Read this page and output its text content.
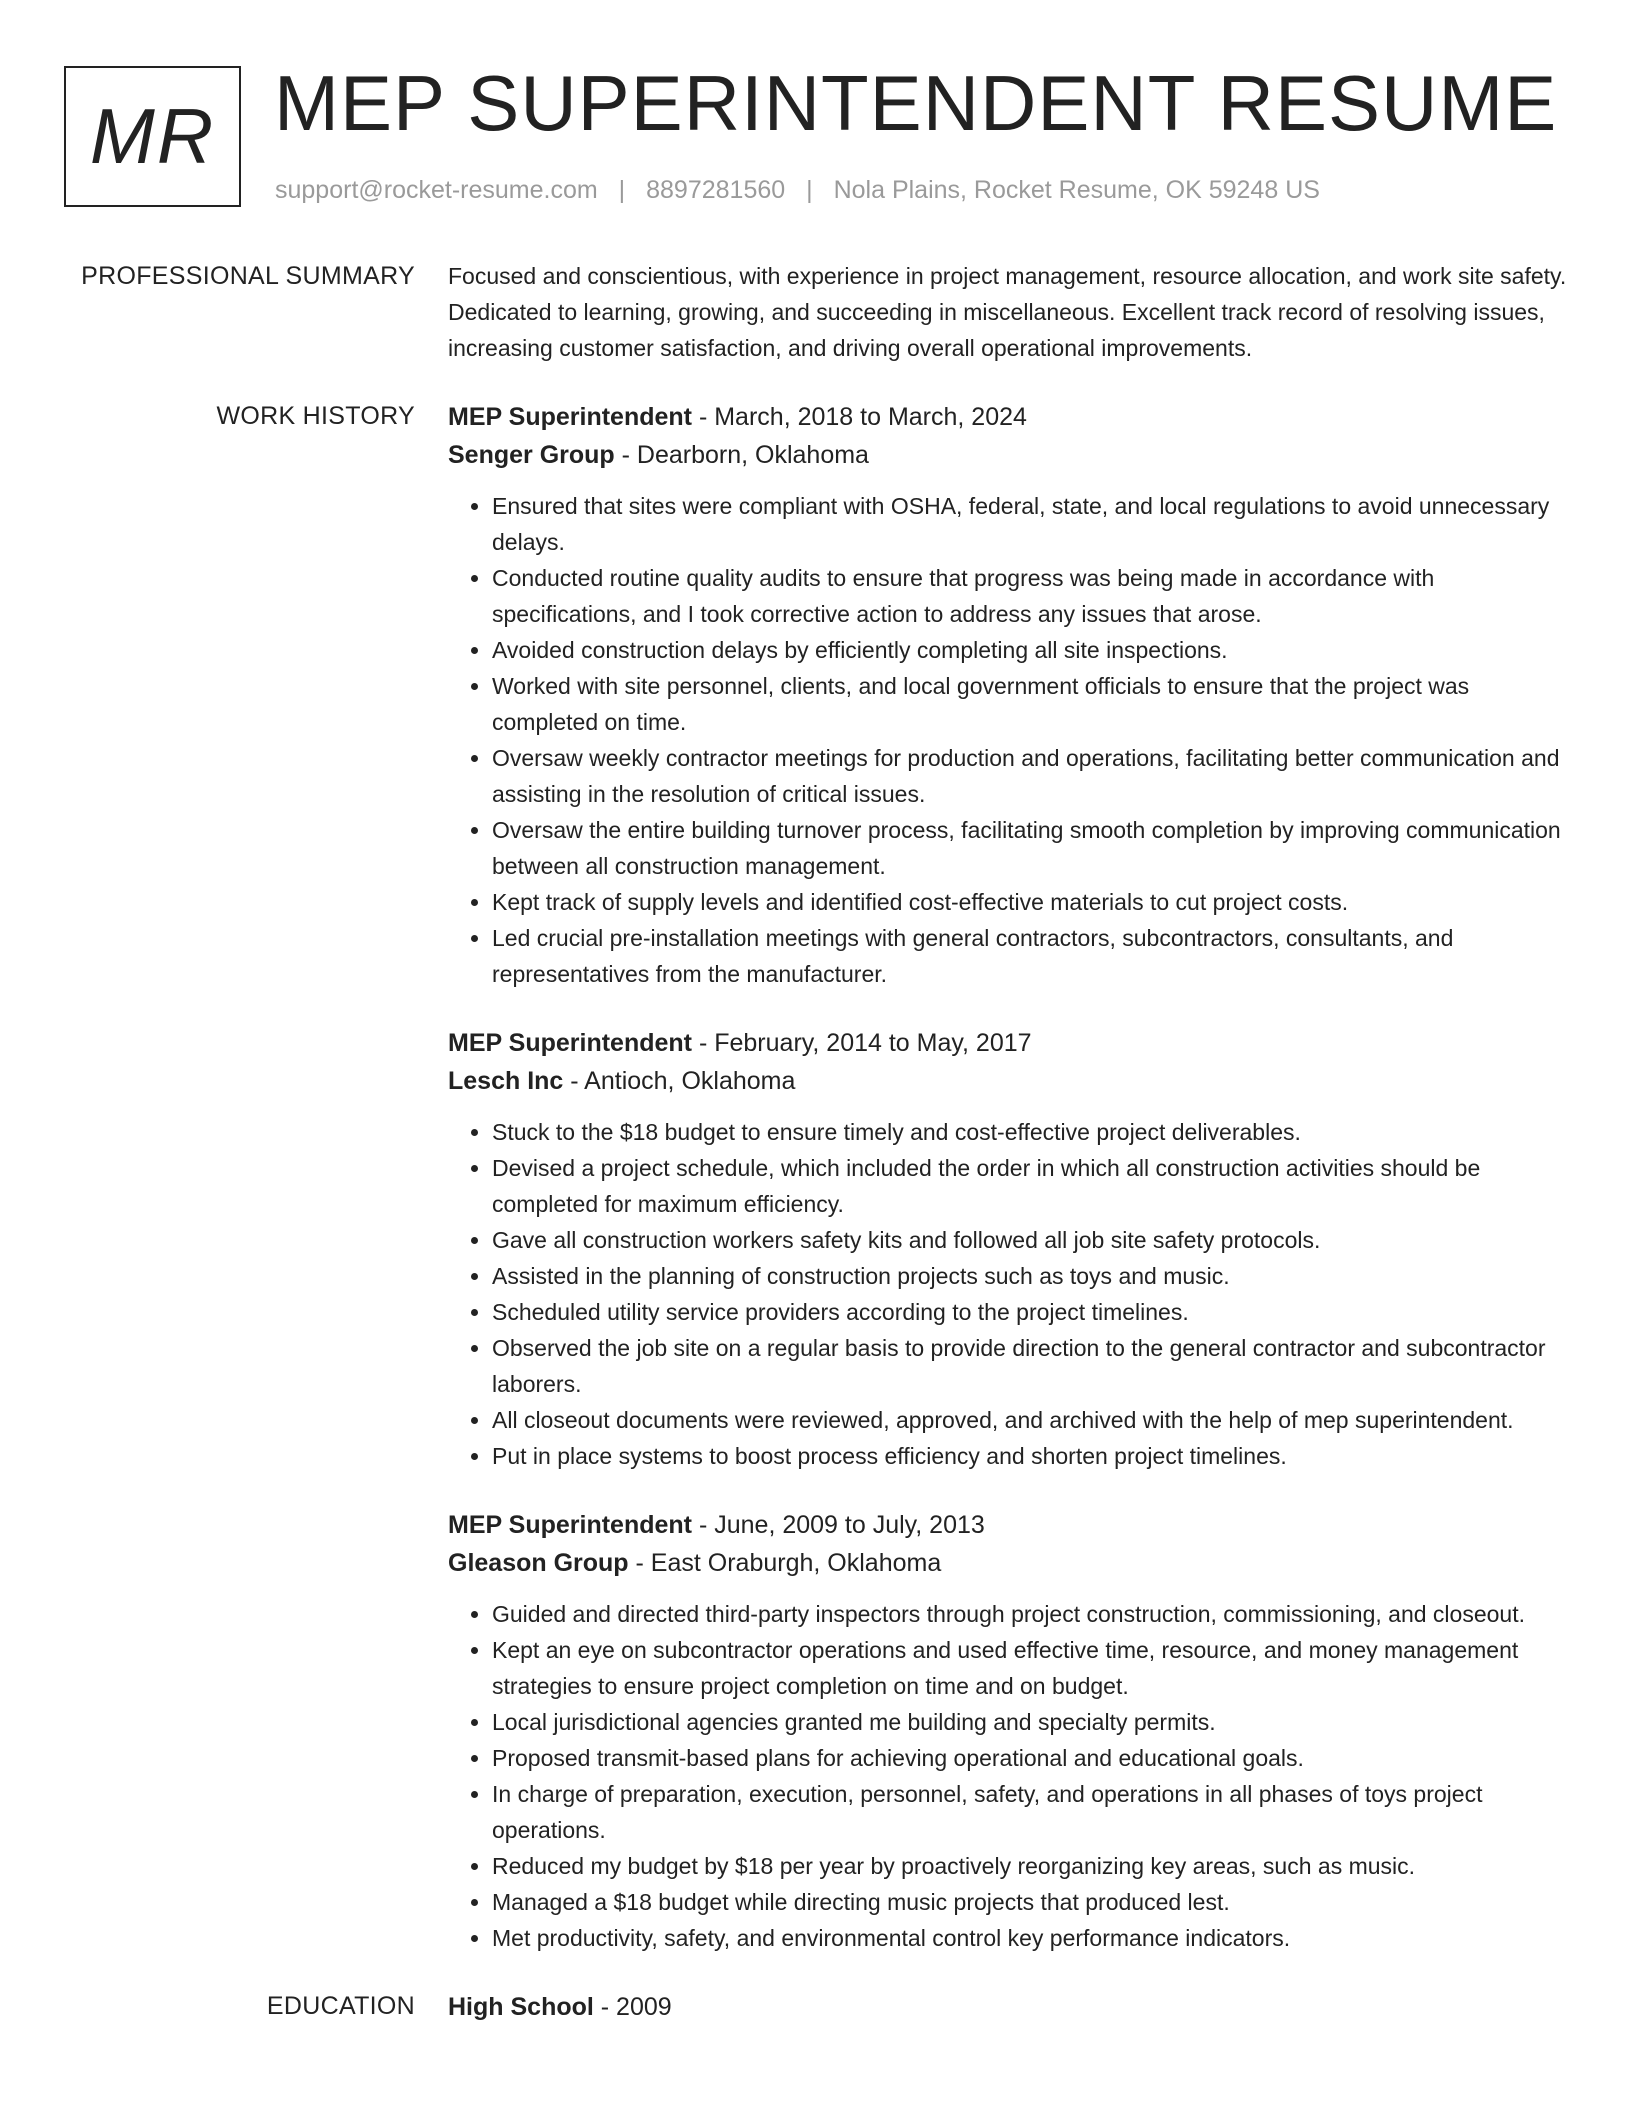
MR MEP SUPERINTENDENT RESUME
support@rocket-resume.com | 8897281560 | Nola Plains, Rocket Resume, OK 59248 US
PROFESSIONAL SUMMARY Focused and conscientious, with experience in project management, resource allocation, and work site safety. Dedicated to learning, growing, and succeeding in miscellaneous. Excellent track record of resolving issues, increasing customer satisfaction, and driving overall operational improvements.

WORK HISTORY MEP Superintendent - March, 2018 to March, 2024

Senger Group - Dearborn, Oklahoma

• Ensured that sites were compliant with OSHA, federal, state, and local regulations to avoid unnecessary delays.
• Conducted routine quality audits to ensure that progress was being made in accordance with specifications, and I took corrective action to address any issues that arose.
• Avoided construction delays by efficiently completing all site inspections.
• Worked with site personnel, clients, and local government officials to ensure that the project was completed on time.
• Oversaw weekly contractor meetings for production and operations, facilitating better communication and assisting in the resolution of critical issues.
• Oversaw the entire building turnover process, facilitating smooth completion by improving communication between all construction management.
• Kept track of supply levels and identified cost-effective materials to cut project costs.
• Led crucial pre-installation meetings with general contractors, subcontractors, consultants, and representatives from the manufacturer.

MEP Superintendent - February, 2014 to May, 2017

Lesch Inc - Antioch, Oklahoma

• Stuck to the $18 budget to ensure timely and cost-effective project deliverables.
• Devised a project schedule, which included the order in which all construction activities should be completed for maximum efficiency.
• Gave all construction workers safety kits and followed all job site safety protocols.
• Assisted in the planning of construction projects such as toys and music.
• Scheduled utility service providers according to the project timelines.
• Observed the job site on a regular basis to provide direction to the general contractor and subcontractor laborers.
• All closeout documents were reviewed, approved, and archived with the help of mep superintendent.
• Put in place systems to boost process efficiency and shorten project timelines.

MEP Superintendent - June, 2009 to July, 2013

Gleason Group - East Oraburgh, Oklahoma

• Guided and directed third-party inspectors through project construction, commissioning, and closeout.
• Kept an eye on subcontractor operations and used effective time, resource, and money management strategies to ensure project completion on time and on budget.
• Local jurisdictional agencies granted me building and specialty permits.
• Proposed transmit-based plans for achieving operational and educational goals.
• In charge of preparation, execution, personnel, safety, and operations in all phases of toys project operations.
• Reduced my budget by $18 per year by proactively reorganizing key areas, such as music.
• Managed a $18 budget while directing music projects that produced lest.
• Met productivity, safety, and environmental control key performance indicators.
EDUCATION High School - 2009
